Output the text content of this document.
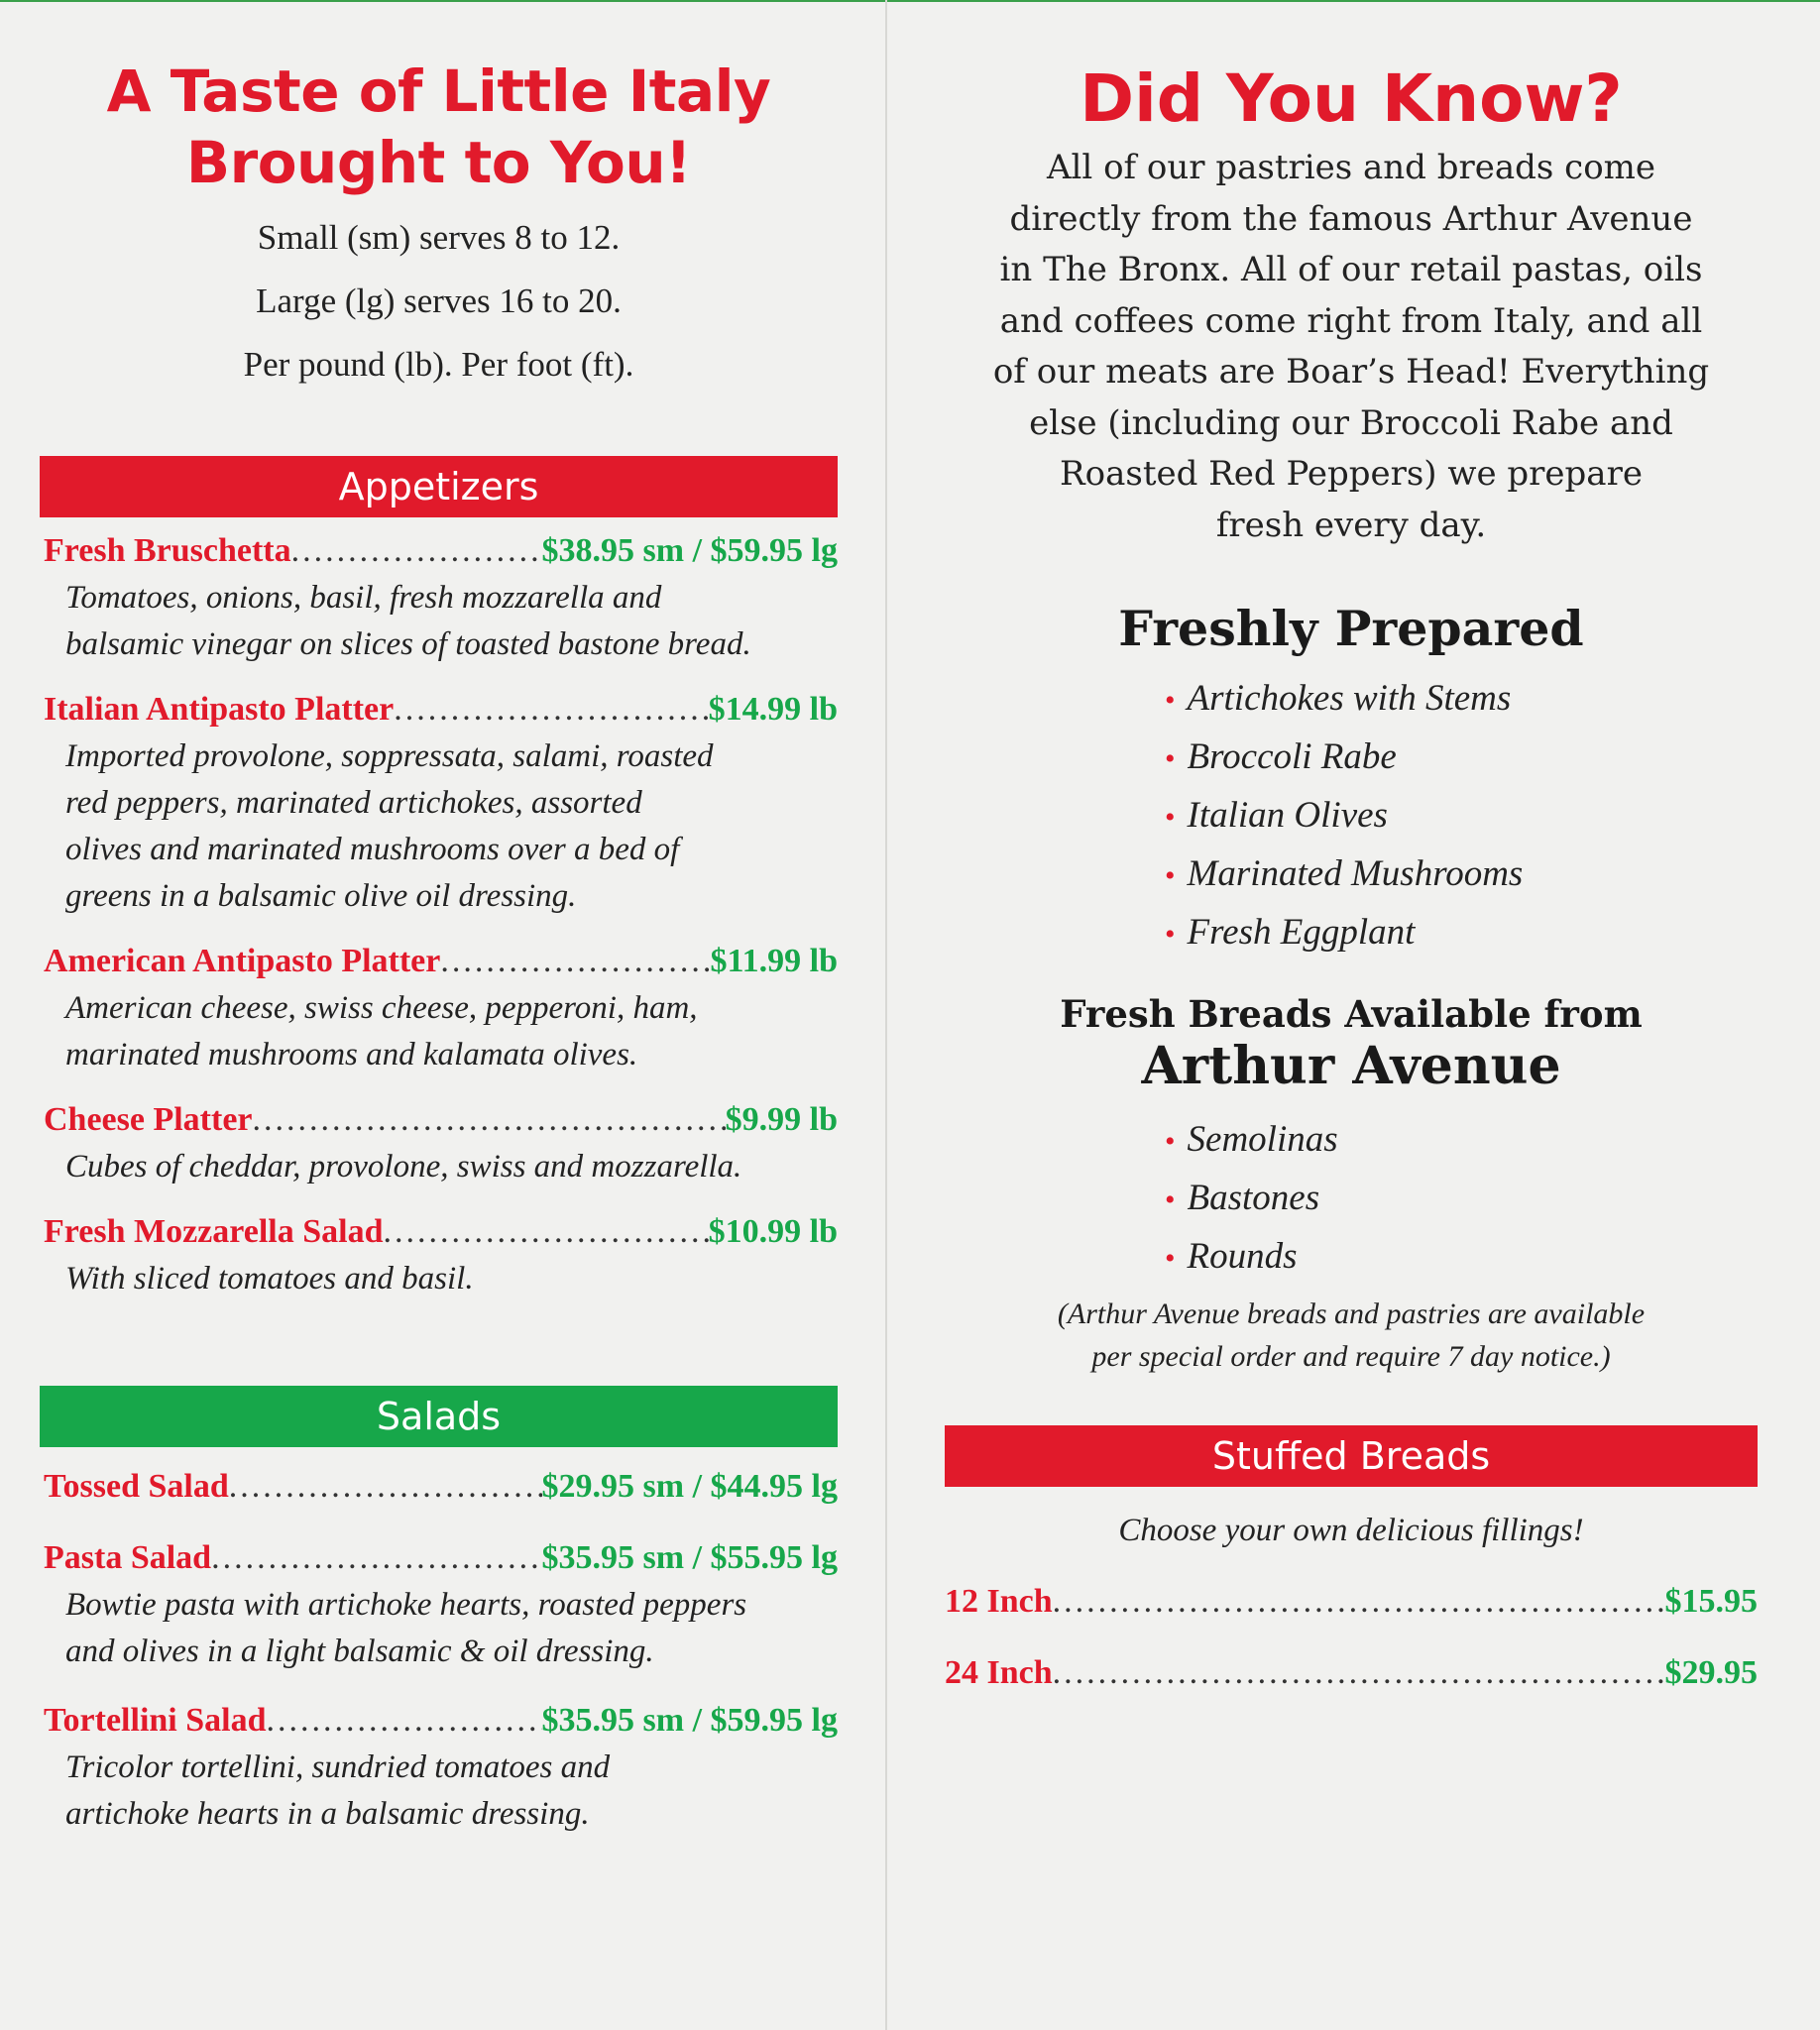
A Taste of Little Italy
Brought to You!
Small (sm) serves 8 to 12.
Large (lg) serves 16 to 20.
Per pound (lb). Per foot (ft).
Appetizers
Fresh Bruschetta .....	$38.95 sm / $59.95 lg
Tomatoes, onions, basil, fresh mozzarella and
balsamic vinegar on slices of toasted bastone bread.
Italian Antipasto Platter .....	$14.99 lb
Imported provolone, soppressata, salami, roasted
red peppers, marinated artichokes, assorted
olives and marinated mushrooms over a bed of
greens in a balsamic olive oil dressing.
American Antipasto Platter .....	$11.99 lb
American cheese, swiss cheese, pepperoni, ham,
marinated mushrooms and kalamata olives.
Cheese Platter .....	$9.99 lb
Cubes of cheddar, provolone, swiss and mozzarella.
Fresh Mozzarella Salad .....	$10.99 lb
With sliced tomatoes and basil.
Salads
Tossed Salad .....	$29.95 sm / $44.95 lg
Pasta Salad .....	$35.95 sm / $55.95 lg
Bowtie pasta with artichoke hearts, roasted peppers
and olives in a light balsamic & oil dressing.
Tortellini Salad .....	$35.95 sm / $59.95 lg
Tricolor tortellini, sundried tomatoes and
artichoke hearts in a balsamic dressing.
Did You Know?
All of our pastries and breads come
directly from the famous Arthur Avenue
in The Bronx. All of our retail pastas, oils
and coffees come right from Italy, and all
of our meats are Boar’s Head! Everything
else (including our Broccoli Rabe and
Roasted Red Peppers) we prepare
fresh every day.
Freshly Prepared
• Artichokes with Stems
• Broccoli Rabe
• Italian Olives
• Marinated Mushrooms
• Fresh Eggplant
Fresh Breads Available from
Arthur Avenue
• Semolinas
• Bastones
• Rounds
(Arthur Avenue breads and pastries are available
per special order and require 7 day notice.)
Stuffed Breads
Choose your own delicious fillings!
12 Inch .....	$15.95
24 Inch .....	$29.95
